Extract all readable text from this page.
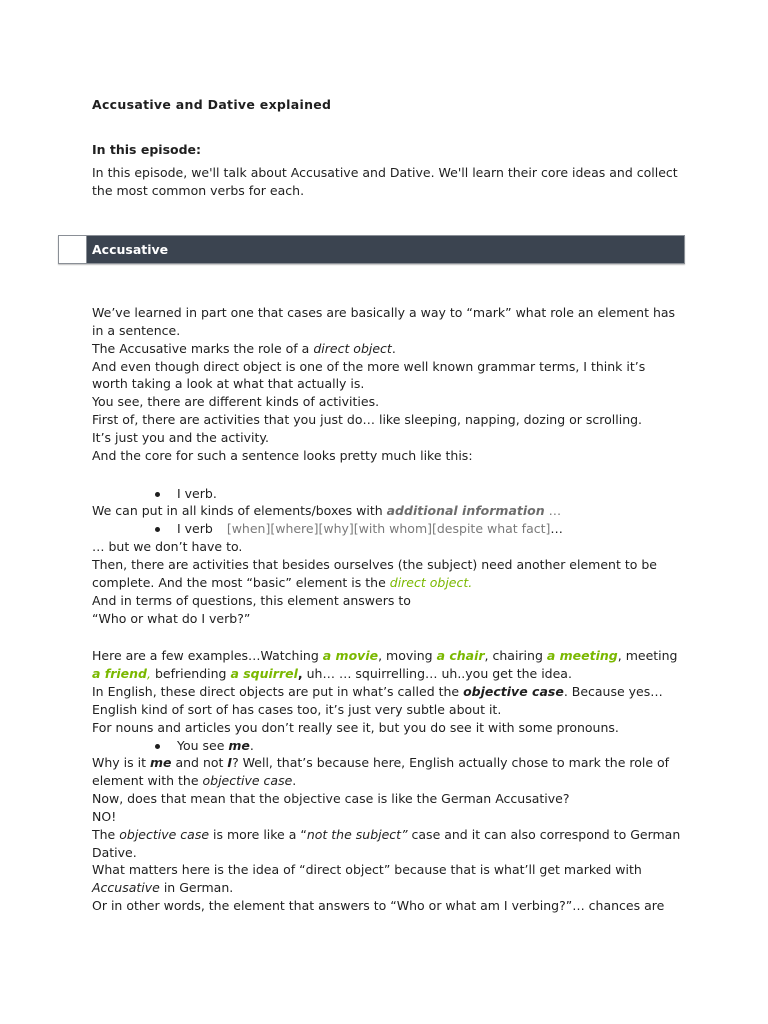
Accusative and Dative explained
In this episode:

In this episode, we'll talk about Accusative and Dative. We'll learn their core ideas and collect the most common verbs for each.

Accusative

We’ve learned in part one that cases are basically a way to “mark” what role an element has in a sentence.

The Accusative marks the role of a direct object.

And even though direct object is one of the more well known grammar terms, I think it’s worth taking a look at what that actually is.

You see, there are different kinds of activities.

First of, there are activities that you just do… like sleeping, napping, dozing or scrolling.

It’s just you and the activity.

And the core for such a sentence looks pretty much like this:

I verb.

We can put in all kinds of elements/boxes with additional information …

I verb [when][where][why][with whom][despite what fact]…

… but we don’t have to.

Then, there are activities that besides ourselves (the subject) need another element to be complete. And the most “basic” element is the direct object.

And in terms of questions, this element answers to

“Who or what do I verb?”

Here are a few examples…Watching a movie, moving a chair, chairing a meeting, meeting a friend, befriending a squirrel, uh… … squirrelling… uh..you get the idea.

In English, these direct objects are put in what’s called the objective case. Because yes… English kind of sort of has cases too, it’s just very subtle about it.

For nouns and articles you don’t really see it, but you do see it with some pronouns.

You see me.

Why is it me and not I? Well, that’s because here, English actually chose to mark the role of element with the objective case.

Now, does that mean that the objective case is like the German Accusative?

NO!

The objective case is more like a “not the subject” case and it can also correspond to German Dative.

What matters here is the idea of “direct object” because that is what’ll get marked with Accusative in German.

Or in other words, the element that answers to “Who or what am I verbing?”… chances are
